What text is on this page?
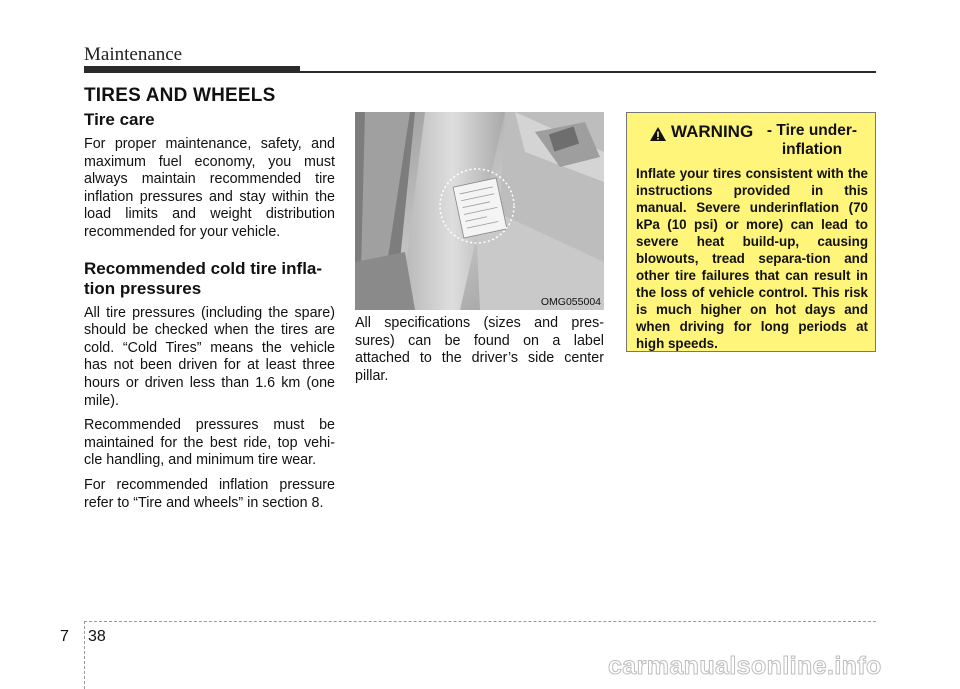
Maintenance
TIRES AND WHEELS
Tire care

For proper maintenance, safety, and maximum fuel economy, you must always maintain recommended tire inflation pressures and stay within the load limits and weight distribution recommended for your vehicle.

Recommended cold tire infla-tion pressures

All tire pressures (including the spare) should be checked when the tires are cold. “Cold Tires” means the vehicle has not been driven for at least three hours or driven less than 1.6 km (one mile).

Recommended pressures must be maintained for the best ride, top vehi-cle handling, and minimum tire wear.

For recommended inflation pressure refer to “Tire and wheels” in section 8.

OMG055004

All specifications (sizes and pres-sures) can be found on a label attached to the driver’s side center pillar.

WARNING - Tire under-inflation

Inflate your tires consistent with the instructions provided in this manual. Severe underinflation (70 kPa (10 psi) or more) can lead to severe heat build-up, causing blowouts, tread separa-tion and other tire failures that can result in the loss of vehicle control. This risk is much higher on hot days and when driving for long periods at high speeds.

7 38
carmanualsonline.info
